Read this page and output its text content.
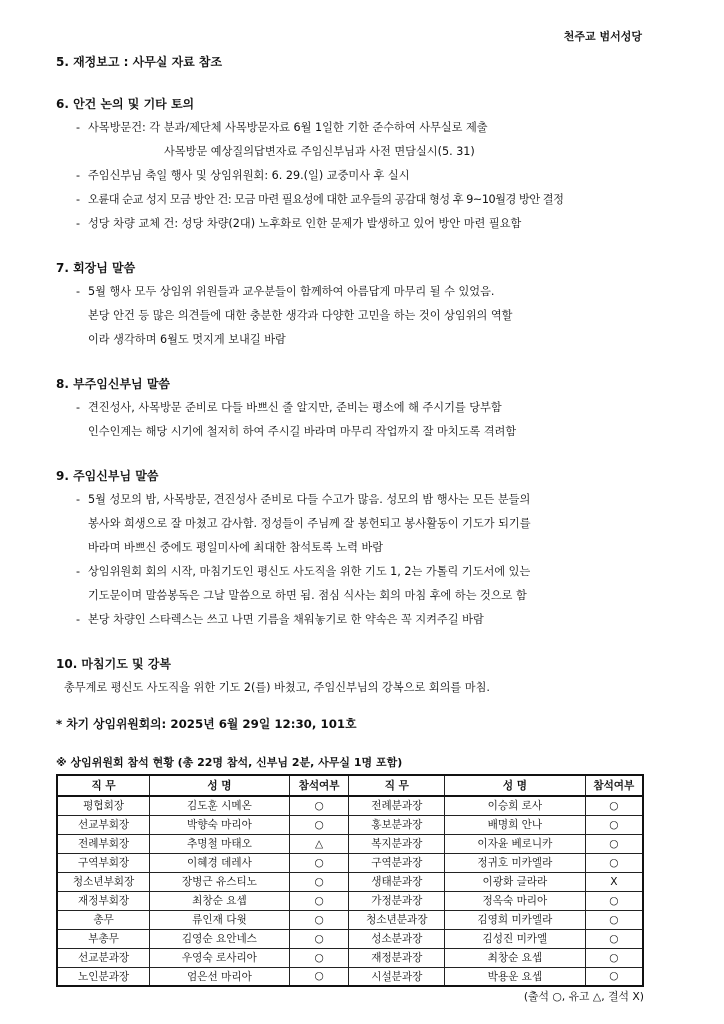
천주교 범서성당
5. 재정보고 : 사무실 자료 참조
6. 안건 논의 및 기타 토의
- 사목방문건: 각 분과/제단체 사목방문자료 6월 1일한 기한 준수하여 사무실로 제출
사목방문 예상질의답변자료 주임신부님과 사전 면담실시(5. 31)
- 주임신부님 축일 행사 및 상임위원회: 6. 29.(일) 교중미사 후 실시
- 오륜대 순교 성지 모금 방안 건: 모금 마련 필요성에 대한 교우들의 공감대 형성 후 9~10월경 방안 결정
- 성당 차량 교체 건: 성당 차량(2대) 노후화로 인한 문제가 발생하고 있어 방안 마련 필요함
7. 회장님 말씀
- 5월 행사 모두 상임위 위원들과 교우분들이 함께하여 아름답게 마무리 될 수 있었음.
본당 안건 등 많은 의견들에 대한 충분한 생각과 다양한 고민을 하는 것이 상임위의 역할
이라 생각하며 6월도 멋지게 보내길 바람
8. 부주임신부님 말씀
- 견진성사, 사목방문 준비로 다들 바쁘신 줄 알지만, 준비는 평소에 해 주시기를 당부함
인수인계는 해당 시기에 철저히 하여 주시길 바라며 마무리 작업까지 잘 마치도록 격려함
9. 주임신부님 말씀
- 5월 성모의 밤, 사목방문, 견진성사 준비로 다들 수고가 많음. 성모의 밤 행사는 모든 분들의
봉사와 희생으로 잘 마쳤고 감사함. 정성들이 주님께 잘 봉헌되고 봉사활동이 기도가 되기를
바라며 바쁘신 중에도 평일미사에 최대한 참석토록 노력 바람
- 상임위원회 회의 시작, 마침기도인 평신도 사도직을 위한 기도 1, 2는 가톨릭 기도서에 있는
기도문이며 말씀봉독은 그날 말씀으로 하면 됨. 점심 식사는 회의 마침 후에 하는 것으로 함
- 본당 차량인 스타렉스는 쓰고 나면 기름을 채워놓기로 한 약속은 꼭 지켜주길 바람
10. 마침기도 및 강복
총무계로 평신도 사도직을 위한 기도 2(를) 바쳤고, 주임신부님의 강복으로 회의를 마침.
* 차기 상임위원회의: 2025년 6월 29일 12:30, 101호
※ 상임위원회 참석 현황 (총 22명 참석, 신부님 2분, 사무실 1명 포함)
직 무	성 명	참석여부	직 무	성 명	참석여부
평협회장	김도훈 시메온	○	전례분과장	이승희 로사	○
선교부회장	박향숙 마리아	○	홍보분과장	배명희 안나	○
전례부회장	추명철 마태오	△	복지분과장	이자윤 베로니카	○
구역부회장	이혜경 데레사	○	구역분과장	정귀호 미카엘라	○
청소년부회장	장병근 유스티노	○	생태분과장	이광화 글라라	X
재정부회장	최창순 요셉	○	가정분과장	정옥숙 마리아	○
총무	류인재 다윗	○	청소년분과장	김영희 미카엘라	○
부총무	김영순 요안네스	○	성소분과장	김성진 미카엘	○
선교분과장	우영숙 로사리아	○	재정분과장	최창순 요셉	○
노인분과장	엄은선 마리아	○	시설분과장	박용운 요셉	○
(출석 ○, 유고 △, 결석 X)
